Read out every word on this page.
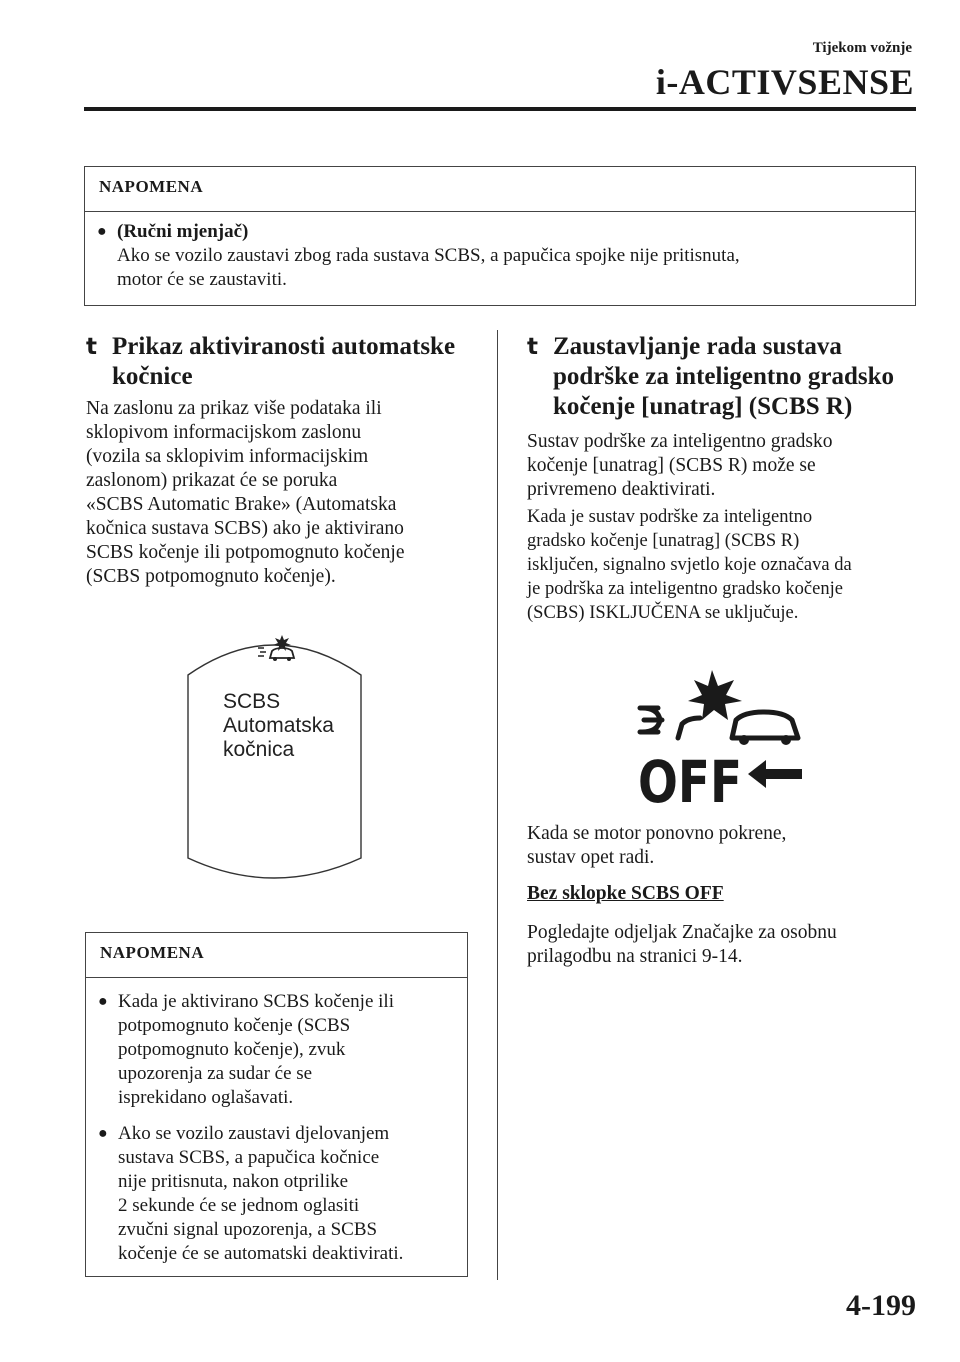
Tijekom vožnje
i-ACTIVSENSE
NAPOMENA
● (Ručni mjenjač)
Ako se vozilo zaustavi zbog rada sustava SCBS, a papučica spojke nije pritisnuta,
motor će se zaustaviti.
t Prikaz aktiviranosti automatske
kočnice
Na zaslonu za prikaz više podataka ili
sklopivom informacijskom zaslonu
(vozila sa sklopivim informacijskim
zaslonom) prikazat će se poruka
«SCBS Automatic Brake» (Automatska
kočnica sustava SCBS) ako je aktivirano
SCBS kočenje ili potpomognuto kočenje
(SCBS potpomognuto kočenje).
SCBS
Automatska
kočnica
NAPOMENA
● Kada je aktivirano SCBS kočenje ili
potpomognuto kočenje (SCBS
potpomognuto kočenje), zvuk
upozorenja za sudar će se
isprekidano oglašavati.
● Ako se vozilo zaustavi djelovanjem
sustava SCBS, a papučica kočnice
nije pritisnuta, nakon otprilike
2 sekunde će se jednom oglasiti
zvučni signal upozorenja, a SCBS
kočenje će se automatski deaktivirati.
t Zaustavljanje rada sustava
podrške za inteligentno gradsko
kočenje [unatrag] (SCBS R)
Sustav podrške za inteligentno gradsko
kočenje [unatrag] (SCBS R) može se
privremeno deaktivirati.
Kada je sustav podrške za inteligentno
gradsko kočenje [unatrag] (SCBS R)
isključen, signalno svjetlo koje označava da
je podrška za inteligentno gradsko kočenje
(SCBS) ISKLJUČENA se uključuje.
OFF
Kada se motor ponovno pokrene,
sustav opet radi.
Bez sklopke SCBS OFF
Pogledajte odjeljak Značajke za osobnu
prilagodbu na stranici 9-14.
4-199
